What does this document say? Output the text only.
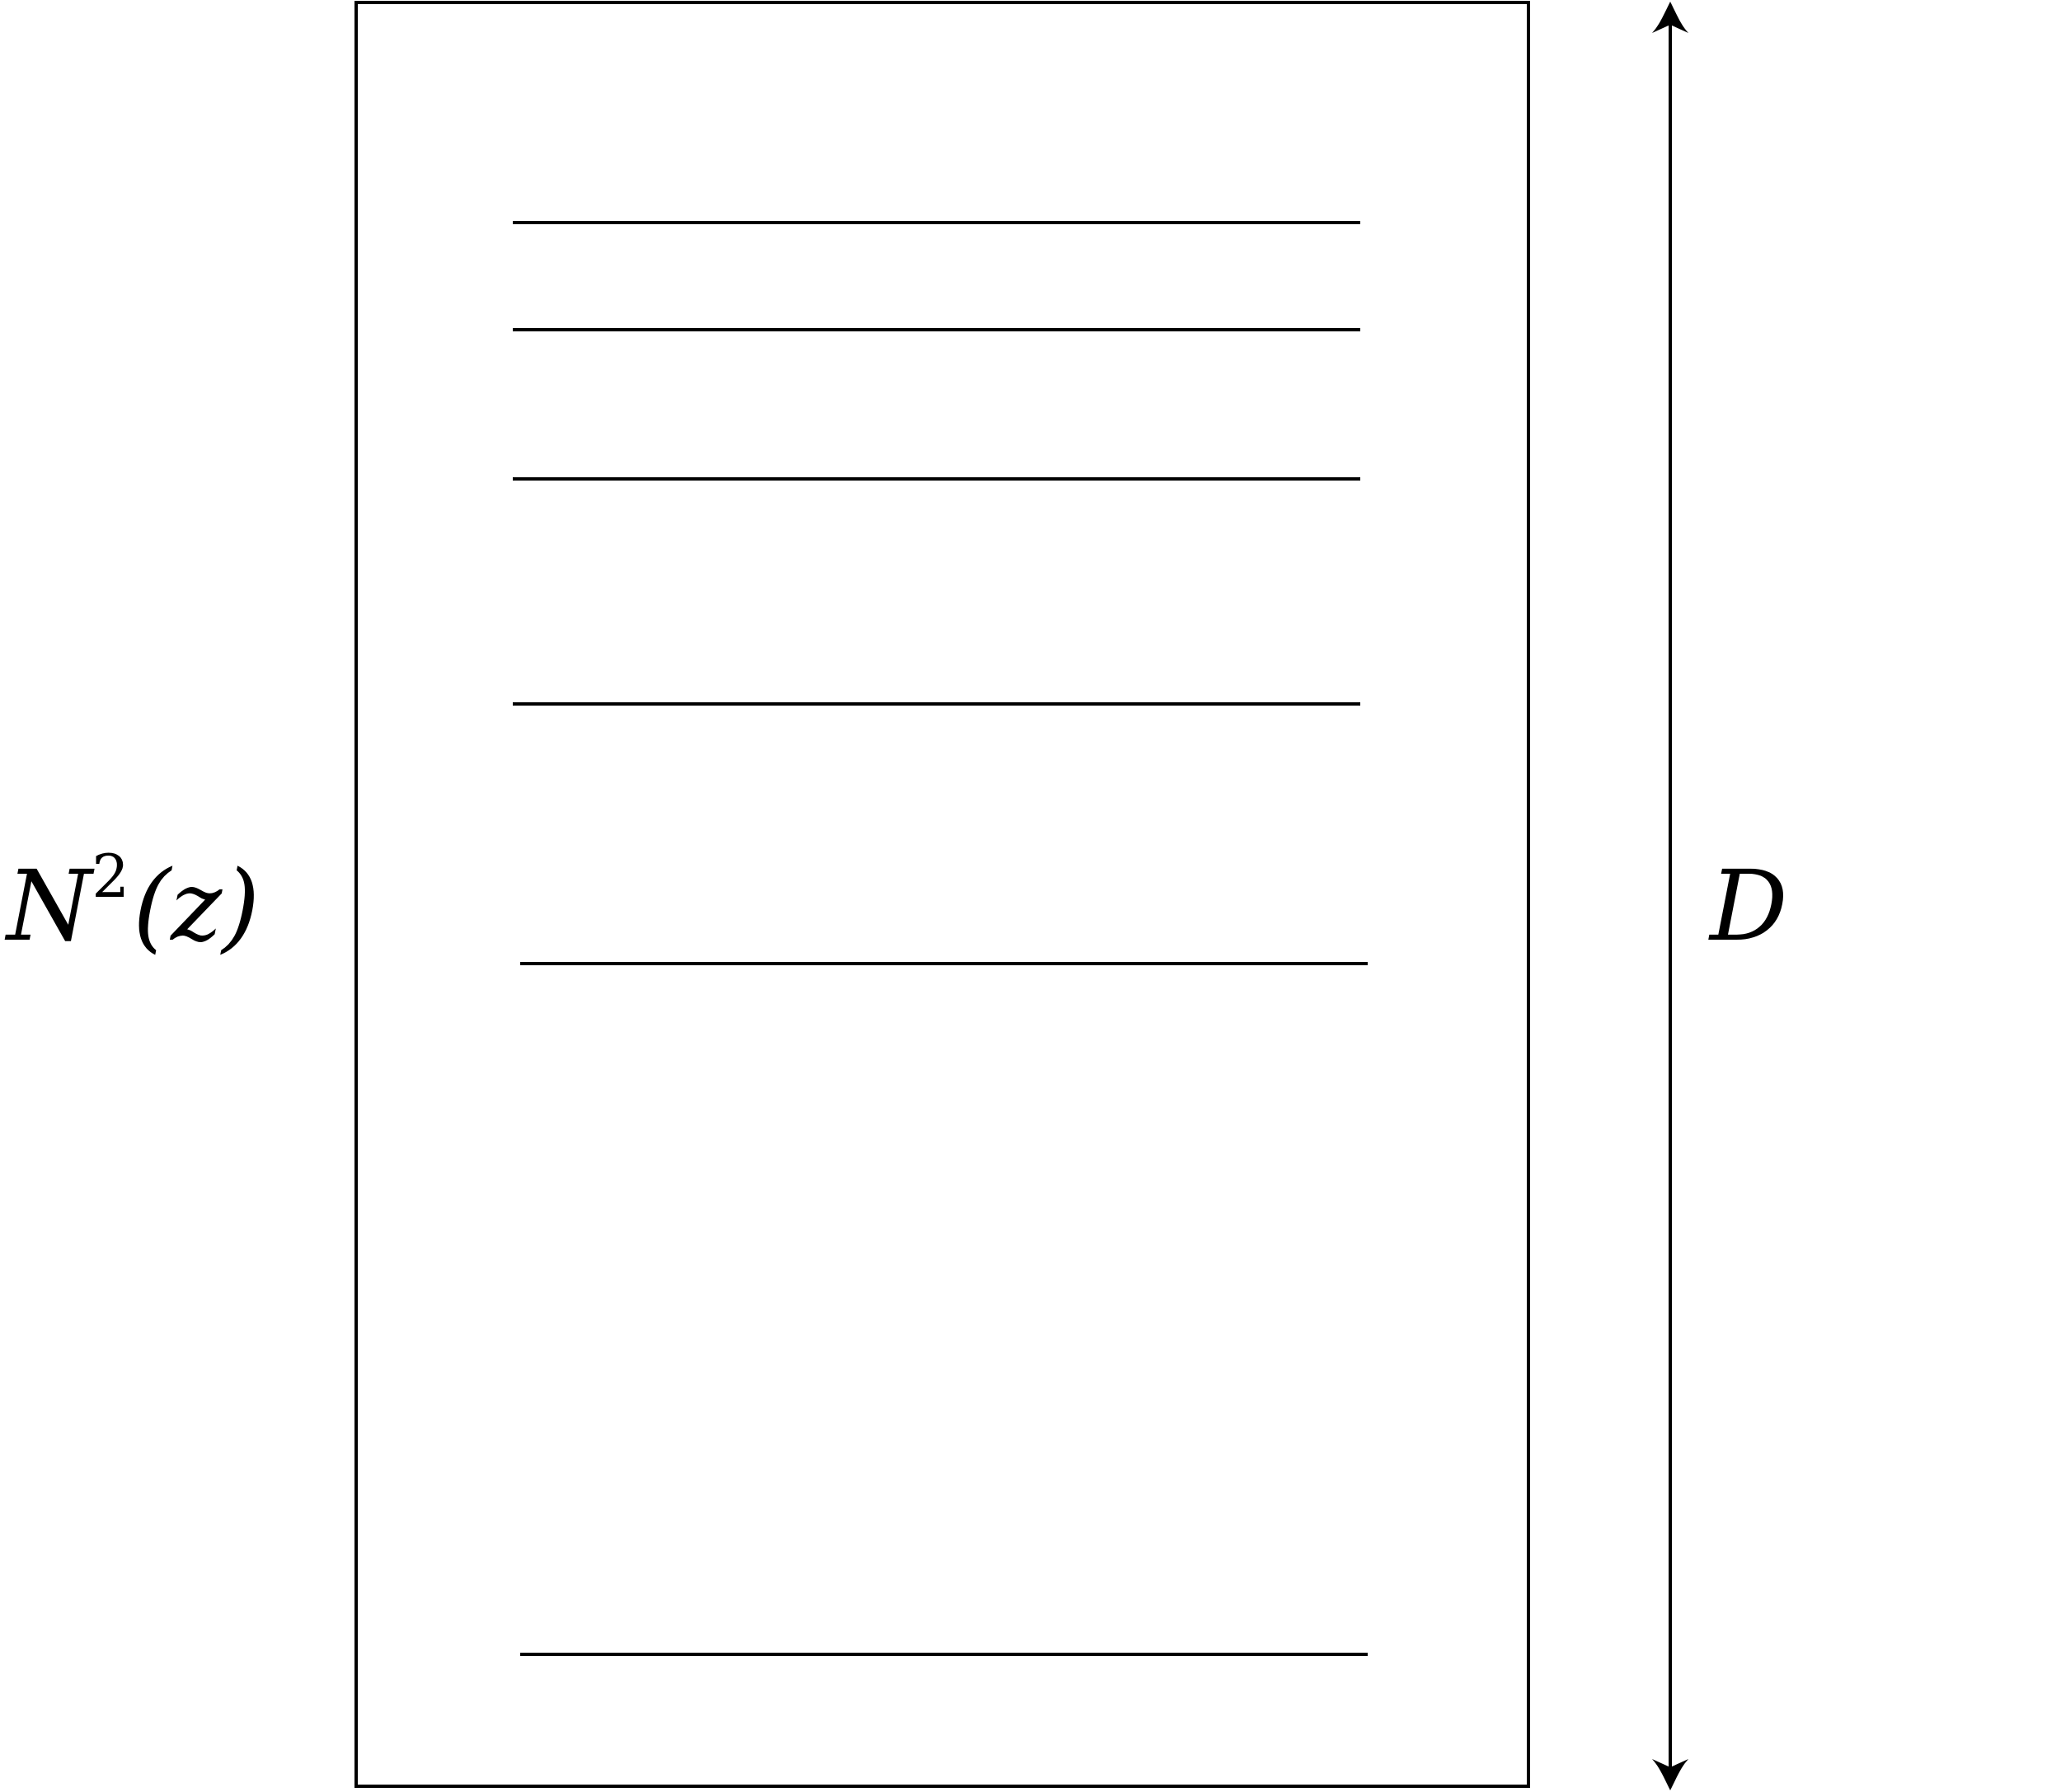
$N^2(z)$	D
